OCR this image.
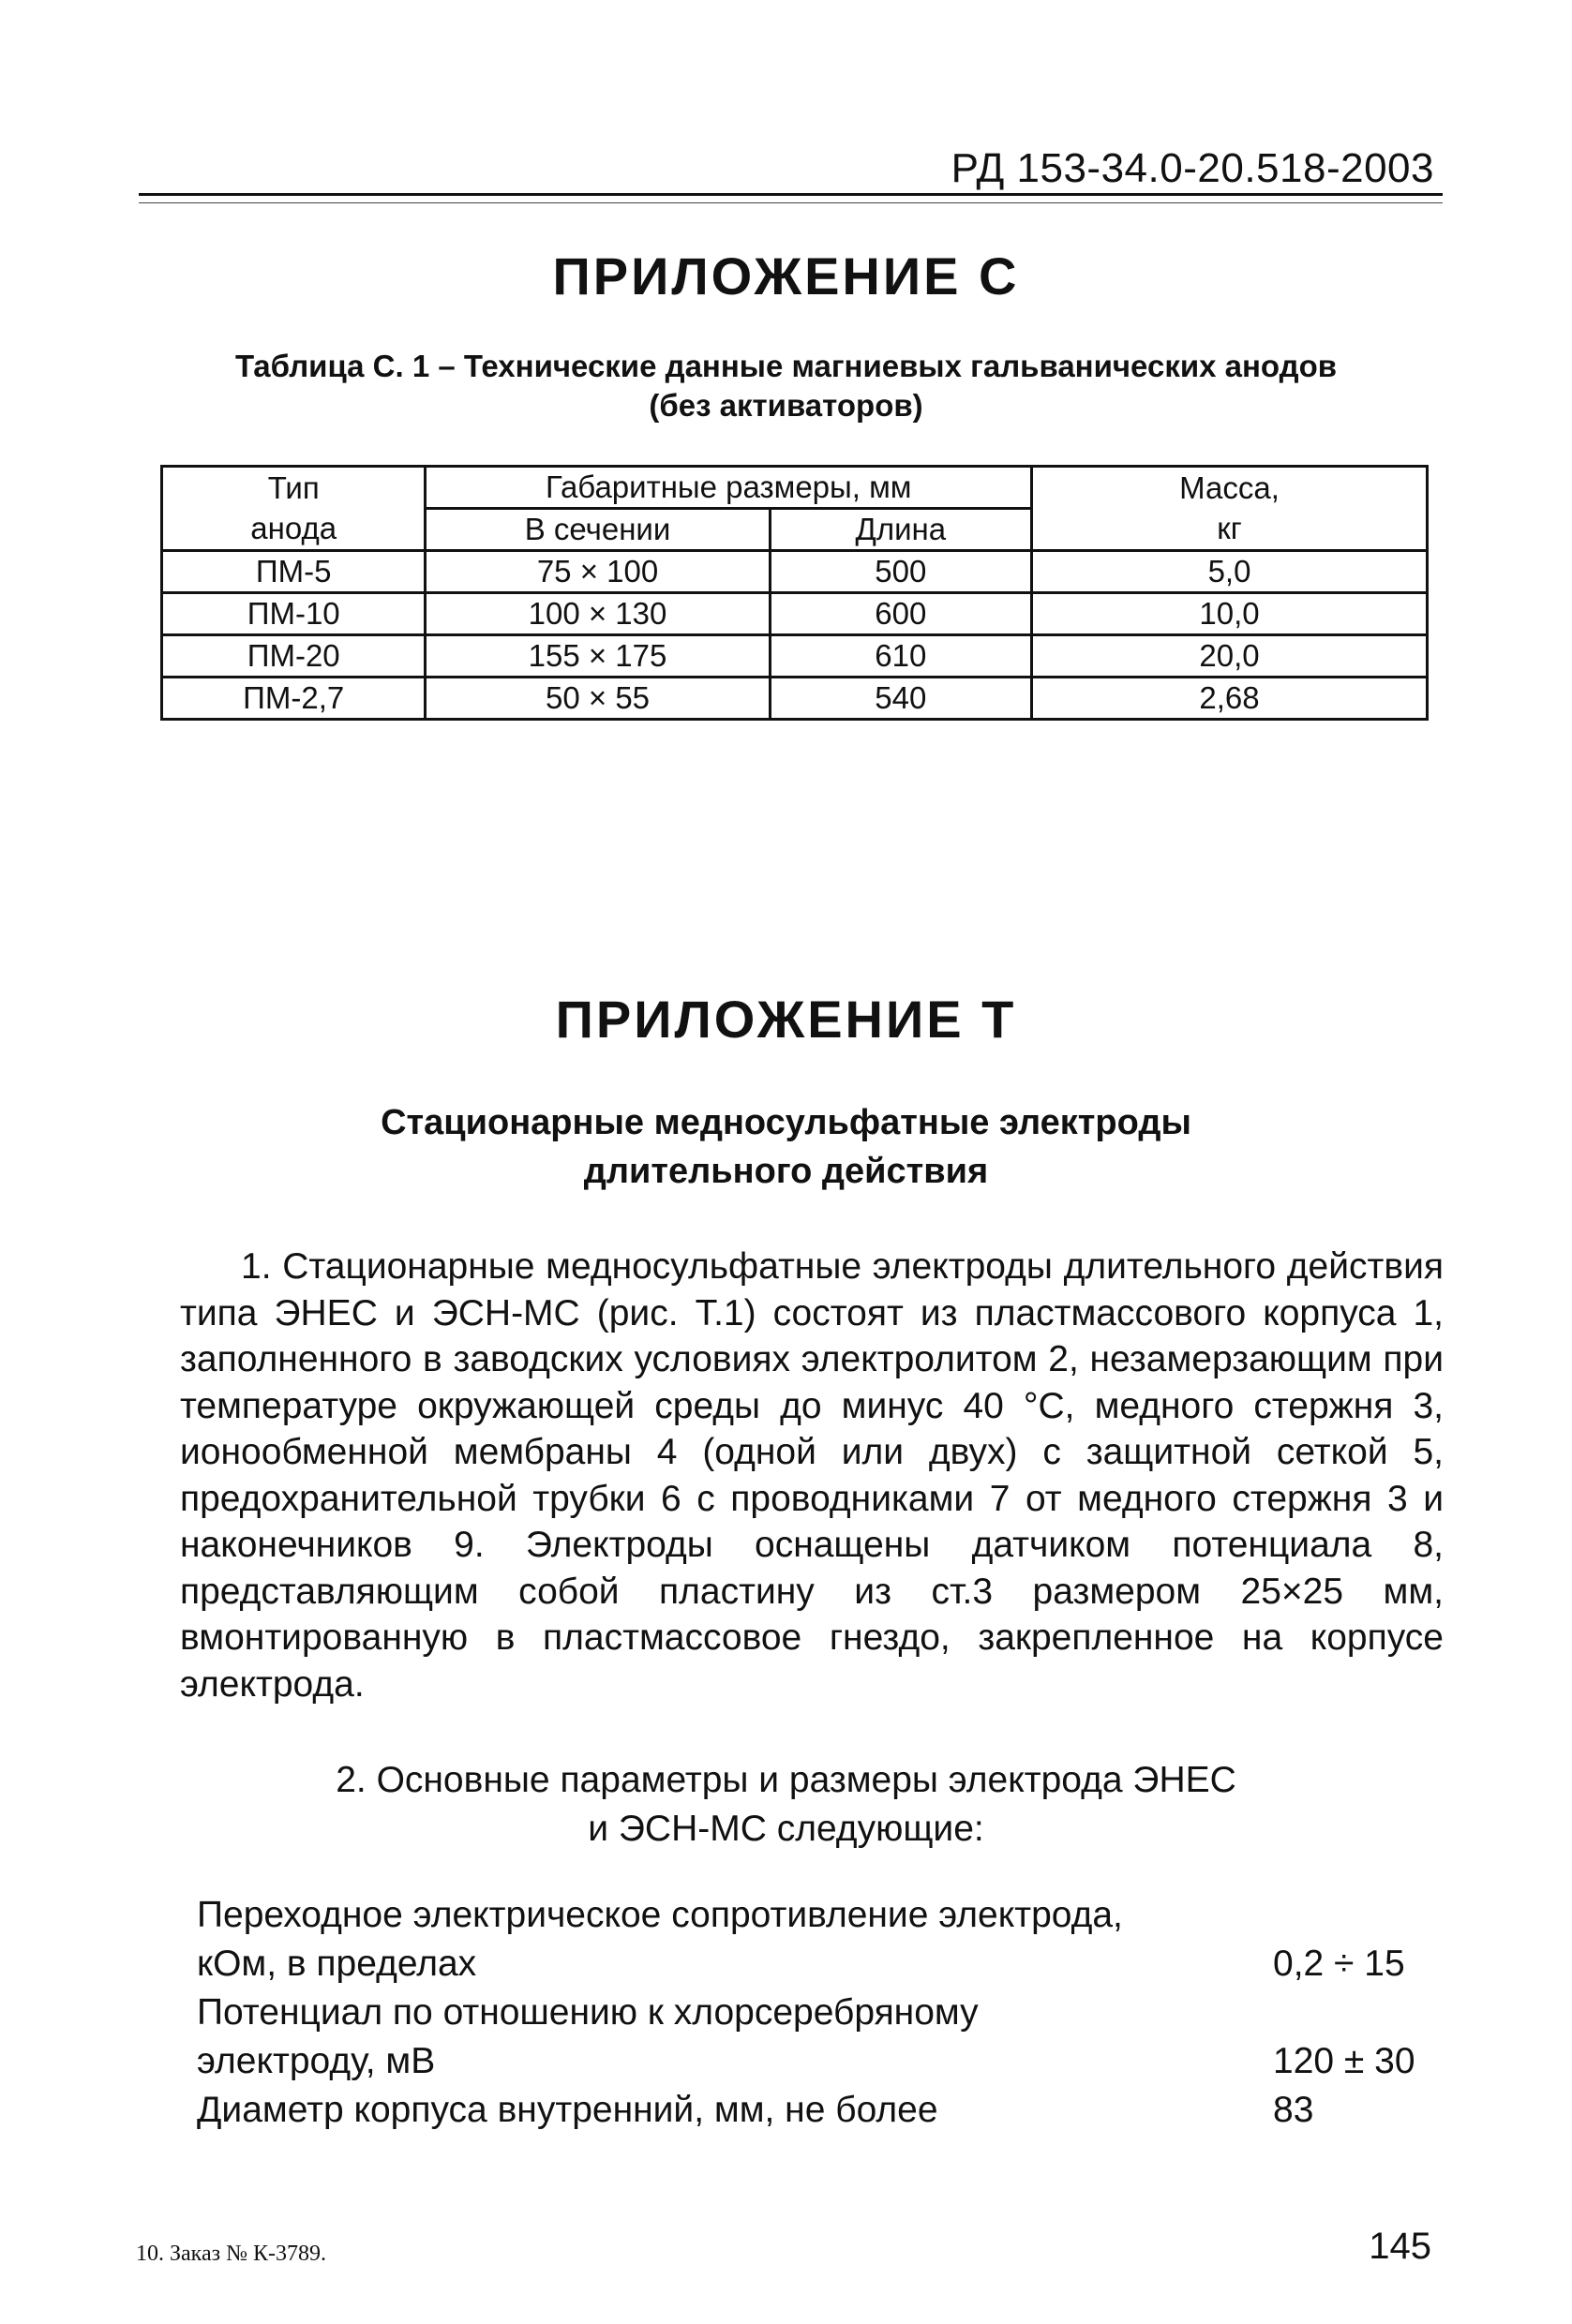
РД 153-34.0-20.518-2003
ПРИЛОЖЕНИЕ С
Таблица С. 1 – Технические данные магниевых гальванических анодов
(без активаторов)
Тип	Габаритные размеры, мм		Масса,
анода	В сечении	Длина	кг
ПМ-5	75 × 100	500	5,0
ПМ-10	100 × 130	600	10,0
ПМ-20	155 × 175	610	20,0
ПМ-2,7	50 × 55	540	2,68
ПРИЛОЖЕНИЕ Т
Стационарные медносульфатные электроды
длительного действия

1. Стационарные медносульфатные электроды длительного действия типа ЭНЕС и ЭСН-МС (рис. Т.1) состоят из пластмассового корпуса 1, заполненного в заводских условиях электролитом 2, незамерзающим при температуре окружающей среды до минус 40 °С, медного стержня 3, ионообменной мембраны 4 (одной или двух) с защитной сеткой 5, предохранительной трубки 6 с проводниками 7 от медного стержня 3 и наконечников 9. Электроды оснащены датчиком потенциала 8, представляющим собой пластину из ст.3 размером 25×25 мм, вмонтированную в пластмассовое гнездо, закрепленное на корпусе электрода.

2. Основные параметры и размеры электрода ЭНЕС
и ЭСН-МС следующие:
Переходное электрическое сопротивление электрода,
кОм, в пределах	0,2 ÷ 15
Потенциал по отношению к хлорсеребряному
электроду, мВ	120 ± 30
Диаметр корпуса внутренний, мм, не более	83
10. Заказ № К-3789.	145
